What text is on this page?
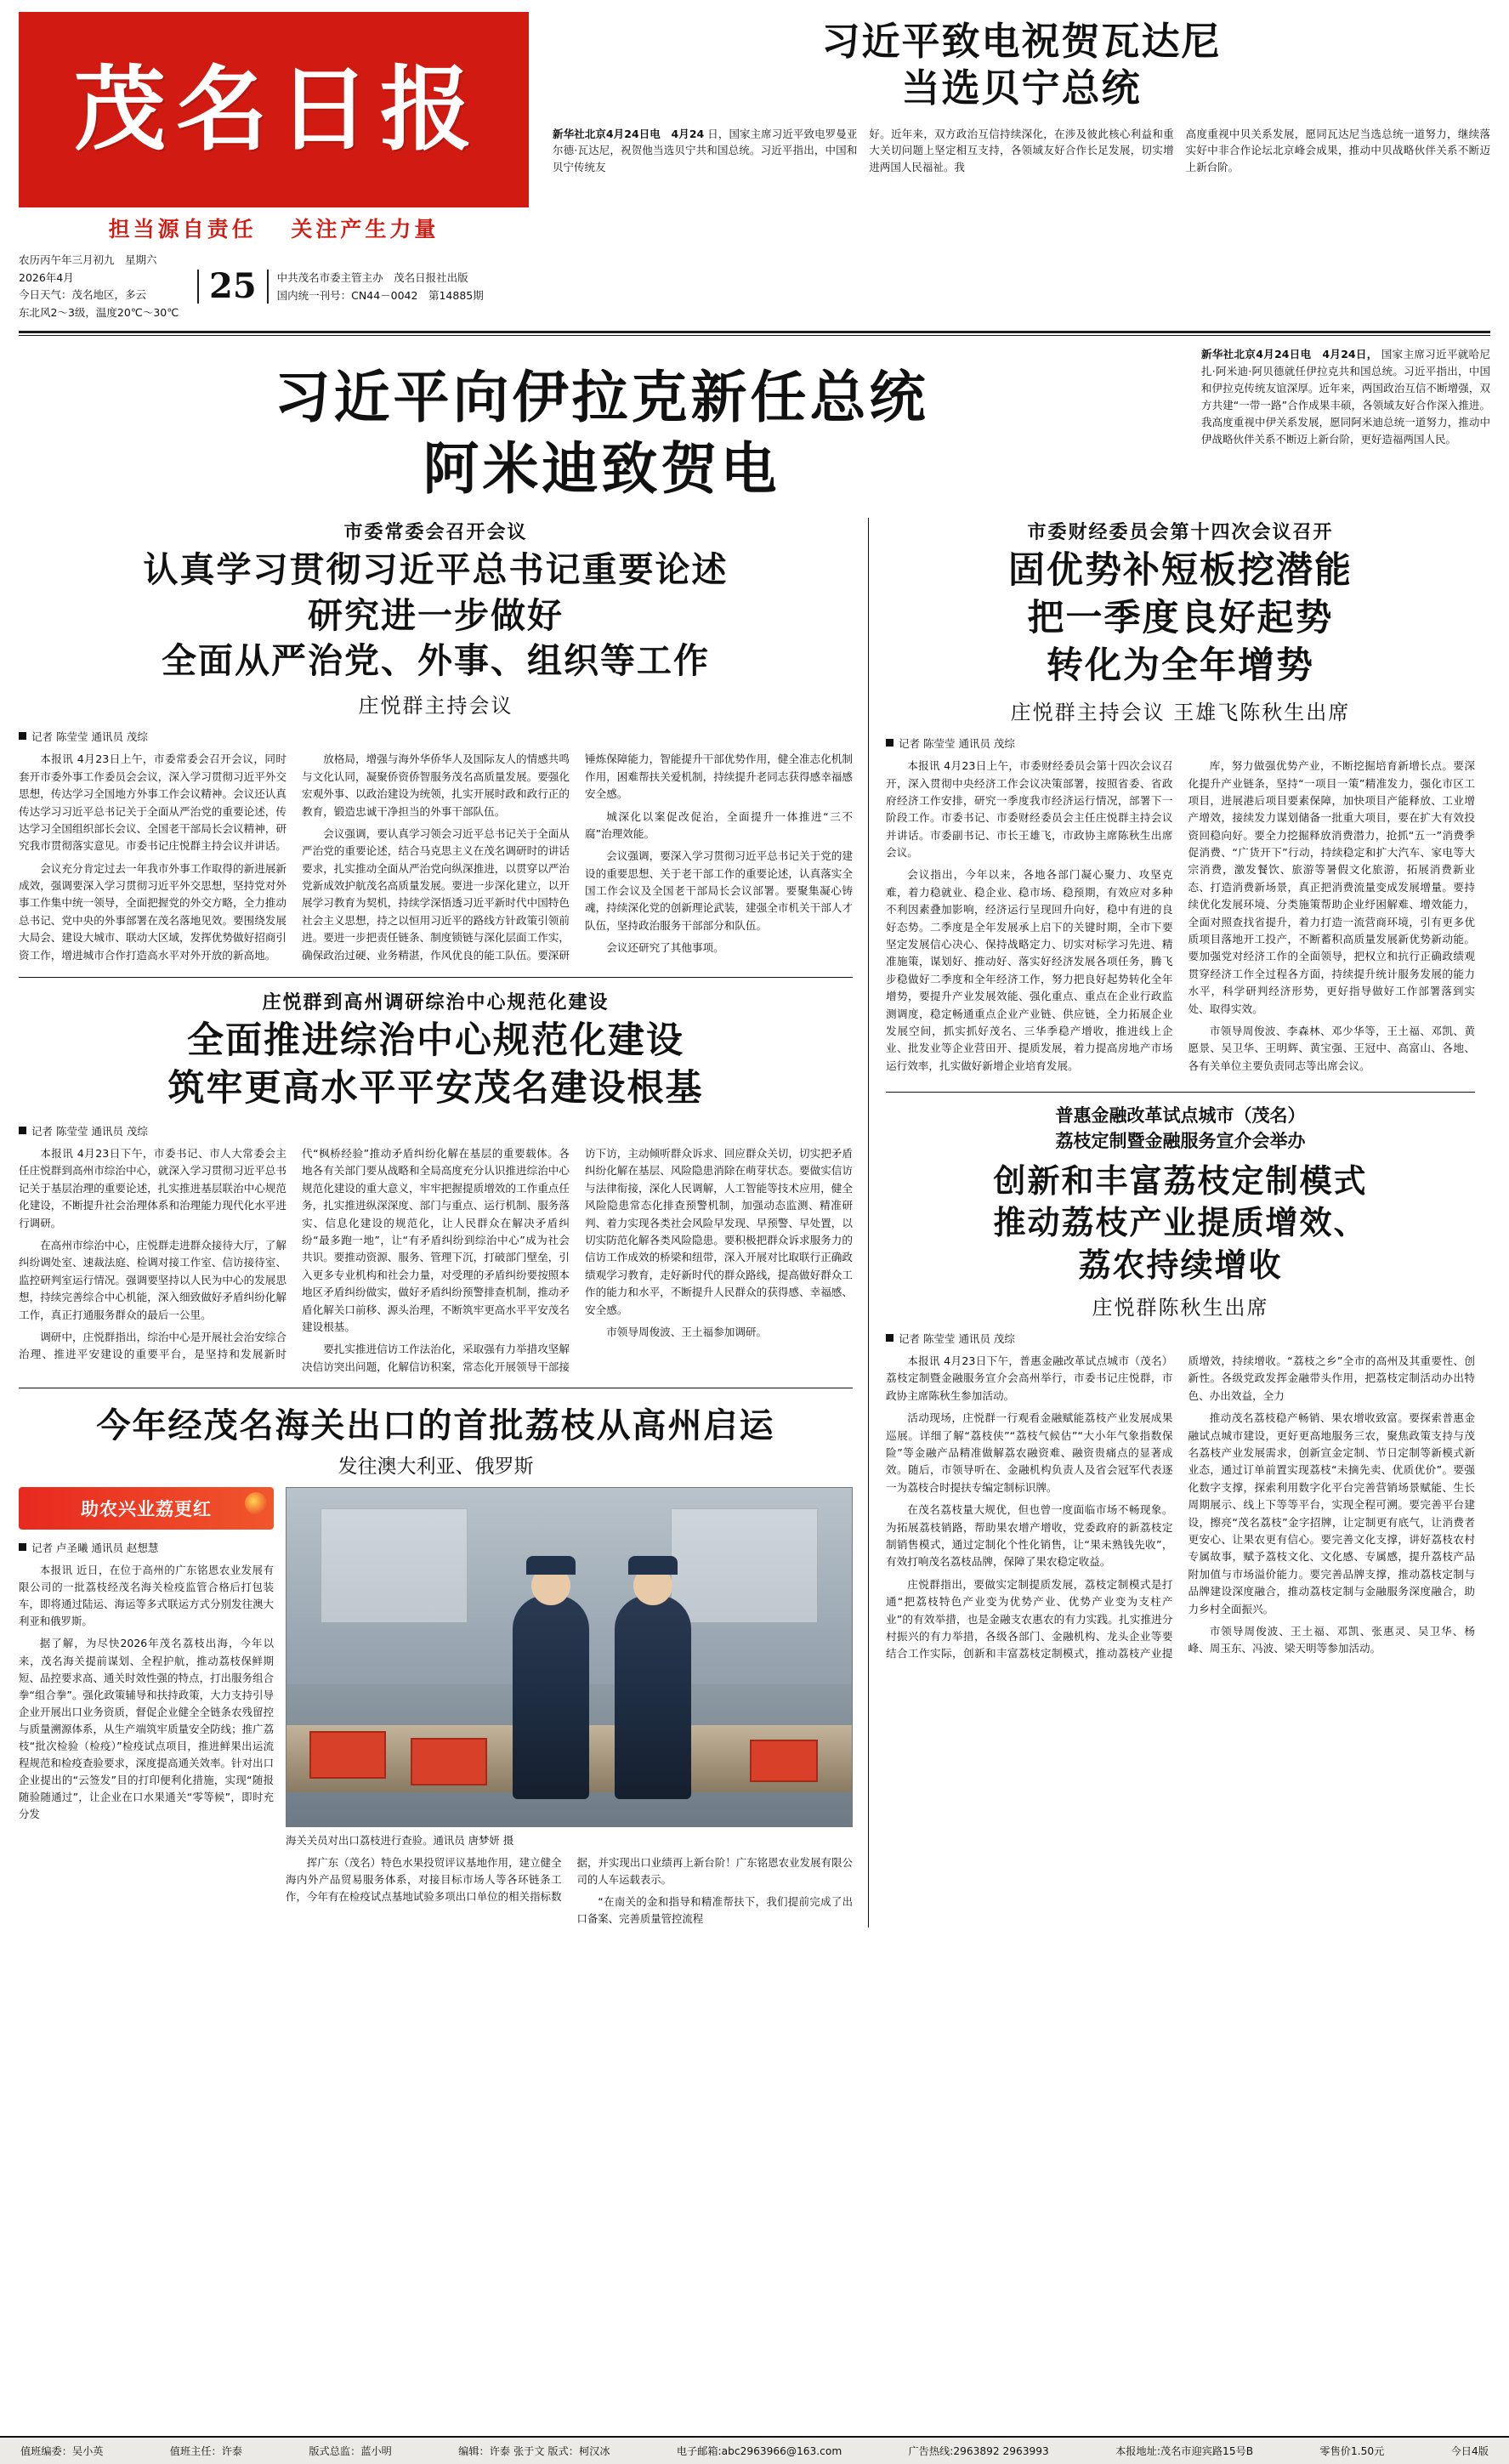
茂名日报
习近平致电祝贺瓦达尼
当选贝宁总统
新华社北京4月24日电　4月24 日，国家主席习近平致电罗曼亚尔德·瓦达尼，祝贺他当选贝宁共和国总统。习近平指出，中国和贝宁传统友
好。近年来，双方政治互信持续深化，在涉及彼此核心利益和重大关切问题上坚定相互支持，各领域友好合作长足发展，切实增进两国人民福祉。我
高度重视中贝关系发展，愿同瓦达尼当选总统一道努力，继续落实好中非合作论坛北京峰会成果，推动中贝战略伙伴关系不断迈上新台阶。
担当源自责任 关注产生力量
农历丙午年三月初九　星期六　2026年4月
今日天气：茂名地区，多云
东北风2～3级，温度20℃～30℃
25	中共茂名市委主管主办　茂名日报社出版
国内统一刊号：CN44－0042　第14885期
习近平向伊拉克新任总统
阿米迪致贺电
新华社北京4月24日电　4月24日， 国家主席习近平就哈尼扎·阿米迪·阿贝德就任伊拉克共和国总统。习近平指出，中国和伊拉克传统友谊深厚。近年来，两国政治互信不断增强，双方共建“一带一路”合作成果丰硕，各领域友好合作深入推进。我高度重视中伊关系发展，愿同阿米迪总统一道努力，推动中伊战略伙伴关系不断迈上新台阶，更好造福两国人民。
市委常委会召开会议
认真学习贯彻习近平总书记重要论述
研究进一步做好
全面从严治党、外事、组织等工作
庄悦群主持会议
记者 陈莹莹 通讯员 茂综

本报讯 4月23日上午，市委常委会召开会议，同时套开市委外事工作委员会会议，深入学习贯彻习近平外交思想，传达学习全国地方外事工作会议精神。会议还认真传达学习习近平总书记关于全面从严治党的重要论述，传达学习全国组织部长会议、全国老干部局长会议精神，研究我市贯彻落实意见。市委书记庄悦群主持会议并讲话。

会议充分肯定过去一年我市外事工作取得的新进展新成效，强调要深入学习贯彻习近平外交思想，坚持党对外事工作集中统一领导，全面把握党的外交方略，全力推动总书记、党中央的外事部署在茂名落地见效。要围绕发展大局会、建设大城市、联动大区域，发挥优势做好招商引资工作，增进城市合作打造高水平对外开放的新高地。

放格局，增强与海外华侨华人及国际友人的情感共鸣与文化认同，凝聚侨资侨智服务茂名高质量发展。要强化宏观外事、以政治建设为统领，扎实开展时政和政行正的教育，锻造忠诚干净担当的外事干部队伍。

会议强调，要认真学习领会习近平总书记关于全面从严治党的重要论述，结合马克思主义在茂名调研时的讲话要求，扎实推动全面从严治党向纵深推进，以贯穿以严治党新成效护航茂名高质量发展。要进一步深化建立，以开展学习教育为契机，持续学深悟透习近平新时代中国特色社会主义思想，持之以恒用习近平的路线方针政策引领前进。要进一步把责任链条、制度锁链与深化层面工作实，确保政治过硬、业务精湛，作风优良的能工队伍。要深研锤炼保障能力，智能提升干部优势作用，健全准志化机制作用，困难帮扶关爱机制，持续提升老同志获得感幸福感安全感。

城深化以案促改促治，全面提升一体推进“三不腐”治理效能。

会议强调，要深入学习贯彻习近平总书记关于党的建设的重要思想、关于老干部工作的重要论述，认真落实全国工作会议及全国老干部局长会议部署。要聚集凝心铸魂，持续深化党的创新理论武装，建强全市机关干部人才队伍，坚持政治服务干部部分和队伍。

会议还研究了其他事项。

庄悦群到高州调研综治中心规范化建设
全面推进综治中心规范化建设
筑牢更高水平平安茂名建设根基
记者 陈莹莹 通讯员 茂综

本报讯 4月23日下午，市委书记、市人大常委会主任庄悦群到高州市综治中心，就深入学习贯彻习近平总书记关于基层治理的重要论述，扎实推进基层联治中心规范化建设，不断提升社会治理体系和治理能力现代化水平进行调研。

在高州市综治中心，庄悦群走进群众接待大厅，了解纠纷调处室、速裁法庭、检调对接工作室、信访接待室、监控研判室运行情况。强调要坚持以人民为中心的发展思想，持续完善综合中心机能，深入细致做好矛盾纠纷化解工作，真正打通服务群众的最后一公里。

调研中，庄悦群指出，综治中心是开展社会治安综合治理、推进平安建设的重要平台，是坚持和发展新时代“枫桥经验”推动矛盾纠纷化解在基层的重要载体。各地各有关部门要从战略和全局高度充分认识推进综治中心规范化建设的重大意义，牢牢把握提质增效的工作重点任务，扎实推进纵深深度、部门与重点、运行机制、服务落实、信息化建设的规范化，让人民群众在解决矛盾纠纷“最多跑一地”，让“有矛盾纠纷到综治中心”成为社会共识。要推动资源、服务、管理下沉，打破部门壁垒，引入更多专业机构和社会力量，对受理的矛盾纠纷要按照本地区矛盾纠纷做实，做好矛盾纠纷预警排查机制，推动矛盾化解关口前移、源头治理，不断筑牢更高水平平安茂名建设根基。

要扎实推进信访工作法治化，采取强有力举措攻坚解决信访突出问题，化解信访积案，常态化开展领导干部接访下访，主动倾听群众诉求、回应群众关切，切实把矛盾纠纷化解在基层、风险隐患消除在萌芽状态。要做实信访与法律衔接，深化人民调解，人工智能等技术应用，健全风险隐患常态化排查预警机制，加强动态监测、精准研判、着力实现各类社会风险早发现、早预警、早处置，以切实防范化解各类风险隐患。要积极把群众诉求服务力的信访工作成效的桥梁和纽带，深入开展对比取联行正确政绩观学习教育，走好新时代的群众路线，提高做好群众工作的能力和水平，不断提升人民群众的获得感、幸福感、安全感。

市领导周俊波、王土福参加调研。

今年经茂名海关出口的首批荔枝从高州启运
发往澳大利亚、俄罗斯
助农兴业荔更红
记者 卢圣曦 通讯员 赵想慧

本报讯 近日，在位于高州的广东铭恩农业发展有限公司的一批荔枝经茂名海关检疫监管合格后打包装车，即将通过陆运、海运等多式联运方式分别发往澳大利亚和俄罗斯。

据了解，为尽快2026年茂名荔枝出海，今年以来，茂名海关提前谋划、全程护航，推动荔枝保鲜期短、品控要求高、通关时效性强的特点，打出服务组合拳“组合拳”。强化政策辅导和扶持政策，大力支持引导企业开展出口业务资质，督促企业健全全链条农残留控与质量溯源体系，从生产端筑牢质量安全防线；推广荔枝“批次检验（检疫）”检疫试点项目，推进鲜果出运流程规范和检疫查验要求，深度提高通关效率。针对出口企业提出的“云签发”目的打印便利化措施，实现“随报随验随通过”，让企业在口水果通关“零等候”，即时充分发

海关关员对出口荔枝进行查验。通讯员 唐梦妍 摄

挥广东（茂名）特色水果投贸评议基地作用，建立健全海内外产品贸易服务体系，对接目标市场人等各环链条工作，今年有在检疫试点基地试验多项出口单位的相关指标数据，并实现出口业绩再上新台阶！广东铭恩农业发展有限公司的人车运载表示。

“在南关的金和指导和精准帮扶下，我们提前完成了出口备案、完善质量管控流程

市委财经委员会第十四次会议召开
固优势补短板挖潜能
把一季度良好起势
转化为全年增势
庄悦群主持会议 王雄飞陈秋生出席
记者 陈莹莹 通讯员 茂综

本报讯 4月23日上午，市委财经委员会第十四次会议召开，深入贯彻中央经济工作会议决策部署，按照省委、省政府经济工作安排，研究一季度我市经济运行情况，部署下一阶段工作。市委书记、市委财经委员会主任庄悦群主持会议并讲话。市委副书记、市长王雄飞，市政协主席陈秋生出席会议。

会议指出，今年以来，各地各部门凝心聚力、攻坚克难，着力稳就业、稳企业、稳市场、稳预期，有效应对多种不利因素叠加影响，经济运行呈现回升向好，稳中有进的良好态势。二季度是全年发展承上启下的关键时期，全市下要坚定发展信心决心、保持战略定力、切实对标学习先进、精准施策，谋划好、推动好、落实好经济发展各项任务，腾飞步稳做好二季度和全年经济工作，努力把良好起势转化全年增势，要提升产业发展效能、强化重点、重点在企业行政监测调度，稳定畅通重点企业产业链、供应链，全力拓展企业发展空间，抓实抓好茂名、三华季稳产增收，推进线上企业、批发业等企业营田开、提质发展，着力提高房地产市场运行效率，扎实做好新增企业培育发展。

库，努力做强优势产业，不断挖掘培育新增长点。要深化提升产业链条，坚持“一项目一策”精准发力，强化市区工项目，进展港后项目要素保障，加快项目产能释放、工业增产增效，接续发力谋划储备一批重大项目，要在扩大有效投资回稳向好。要全力挖掘释放消费潜力，抢抓“五一”消费季促消费、“广货开下”行动，持续稳定和扩大汽车、家电等大宗消费，激发餐饮、旅游等暑假文化旅游，拓展消费新业态、打造消费新场景，真正把消费流量变成发展增量。要持续优化发展环境、分类施策帮助企业纾困解难、增效能力，全面对照查找省提升，着力打造一流营商环境，引有更多优质项目落地开工投产，不断蓄积高质量发展新优势新动能。要加强党对经济工作的全面领导，把权立和抗行正确政绩观贯穿经济工作全过程各方面，持续提升统计服务发展的能力水平，科学研判经济形势，更好指导做好工作部署落到实处、取得实效。

市领导周俊波、李森林、邓少华等，王土福、邓凯、黄愿景、吴卫华、王明辉、黄宝强、王冠中、高富山、各地、各有关单位主要负责同志等出席会议。

普惠金融改革试点城市（茂名）
荔枝定制暨金融服务宣介会举办
创新和丰富荔枝定制模式
推动荔枝产业提质增效、
荔农持续增收
庄悦群陈秋生出席
记者 陈莹莹 通讯员 茂综

本报讯 4月23日下午，普惠金融改革试点城市（茂名）荔枝定制暨金融服务宣介会高州举行，市委书记庄悦群，市政协主席陈秋生参加活动。

活动现场，庄悦群一行观看金融赋能荔枝产业发展成果巡展。详细了解“荔枝侠”“荔枝气候估”“大小年气象指数保险”等金融产品精准做解荔农融资难、融资贵痛点的显著成效。随后，市领导听在、金融机构负责人及省会冠军代表逐一为荔枝合时提扶专编定制标识牌。

在茂名荔枝量大规优，但也曾一度面临市场不畅现象。为拓展荔枝销路，帮助果农增产增收，党委政府的新荔枝定制销售模式，通过定制化个性化销售，让“果未熟钱先收”，有效打响茂名荔枝品牌，保障了果农稳定收益。

庄悦群指出，要做实定制提质发展，荔枝定制模式是打通“把荔枝特色产业变为优势产业、优势产业变为支柱产业”的有效举措，也是金融支农惠农的有力实践。扎实推进分村振兴的有力举措，各级各部门、金融机构、龙头企业等要结合工作实际，创新和丰富荔枝定制模式，推动荔枝产业提质增效，持续增收。“荔枝之乡”全市的高州及其重要性、创新性。各级党政发挥金融带头作用，把荔枝定制活动办出特色、办出效益，全力

推动茂名荔枝稳产畅销、果农增收致富。要探索普惠金融试点城市建设，更好更高地服务三农，聚焦政策支持与茂名荔枝产业发展需求，创新宣金定制、节日定制等新模式新业态，通过订单前置实现荔枝“未摘先卖、优质优价”。要强化数字支撑，探索利用数字化平台完善营销场景赋能、生长周期展示、线上下等等平台，实现全程可溯。要完善平台建设，擦亮“茂名荔枝”金字招牌，让定制更有底气，让消费者更安心、让果农更有信心。要完善文化支撑，讲好荔枝农村专属故事，赋予荔枝文化、文化感、专属感，提升荔枝产品附加值与市场溢价能力。要完善品牌支撑，推动荔枝定制与品牌建设深度融合，推动荔枝定制与金融服务深度融合，助力乡村全面振兴。

市领导周俊波、王土福、邓凯、张惠灵、吴卫华、杨峰、周玉东、冯波、梁天明等参加活动。

值班编委：吴小英	值班主任：许泰	版式总监：蓝小明	编辑：许泰 张于文 版式：柯汉冰	电子邮箱:abc2963966@163.com	广告热线:2963892 2963993	本报地址:茂名市迎宾路15号B	零售价1.50元	今日4版
